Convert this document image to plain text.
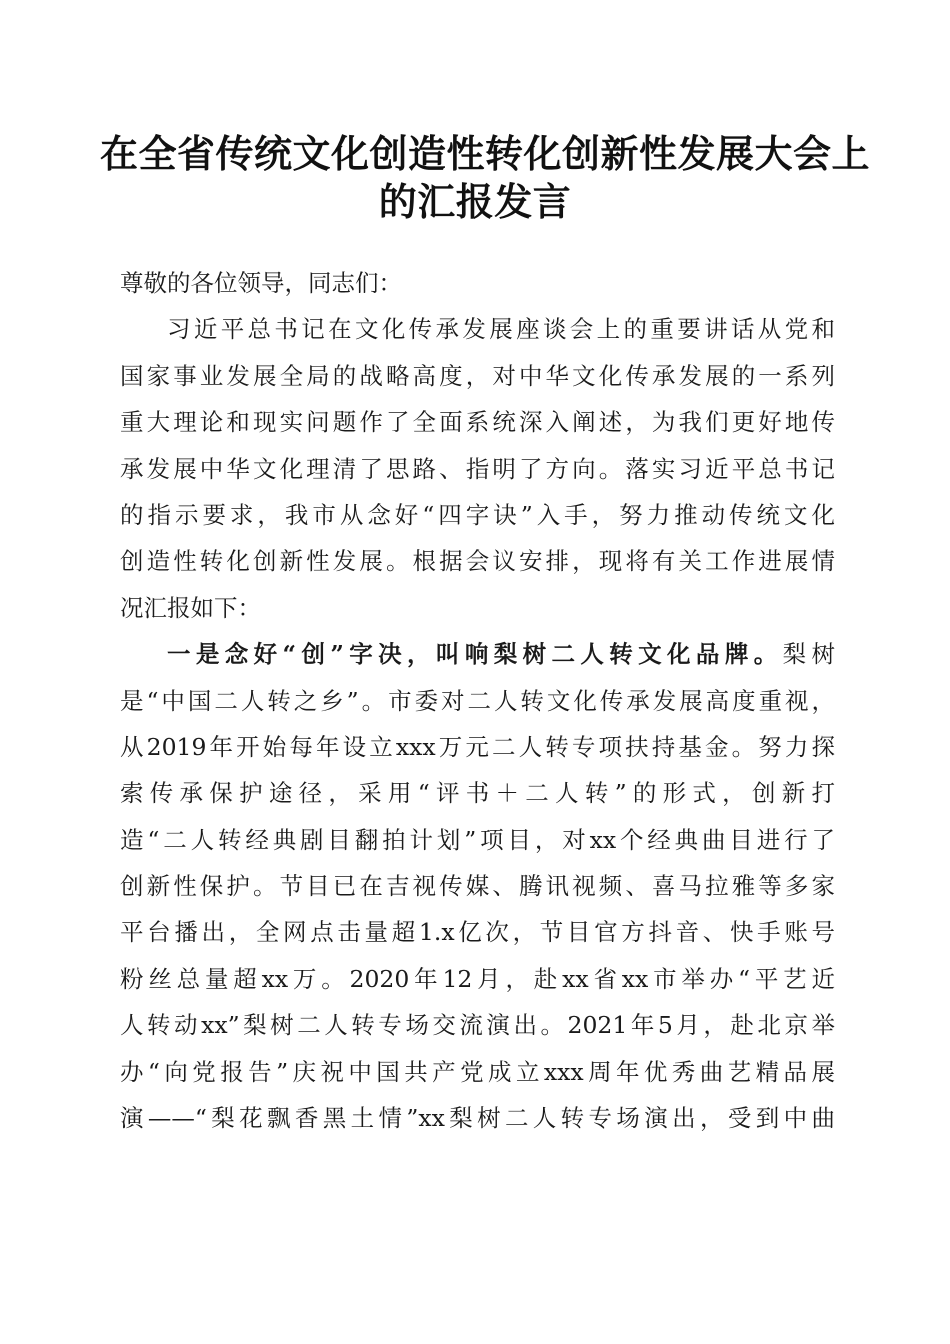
在全省传统文化创造性转化创新性发展大会上
的汇报发言
尊敬的各位领导，同志们：
习近平总书记在文化传承发展座谈会上的重要讲话从党和
国家事业发展全局的战略高度，对中华文化传承发展的一系列
重大理论和现实问题作了全面系统深入阐述，为我们更好地传
承发展中华文化理清了思路、指明了方向。落实习近平总书记
的指示要求，我市从念好“四字诀”入手，努力推动传统文化
创造性转化创新性发展。根据会议安排，现将有关工作进展情
况汇报如下：
一是念好“创”字决，叫响梨树二人转文化品牌。梨树
是“中国二人转之乡”。市委对二人转文化传承发展高度重视，
从2019年开始每年设立xxx万元二人转专项扶持基金。努力探
索传承保护途径，采用“评书＋二人转”的形式，创新打
造“二人转经典剧目翻拍计划”项目，对xx个经典曲目进行了
创新性保护。节目已在吉视传媒、腾讯视频、喜马拉雅等多家
平台播出，全网点击量超1.x亿次，节目官方抖音、快手账号
粉丝总量超xx万。2020年12月，赴xx省xx市举办“平艺近
人转动xx”梨树二人转专场交流演出。2021年5月，赴北京举
办“向党报告”庆祝中国共产党成立xxx周年优秀曲艺精品展
演——“梨花飘香黑土情”xx梨树二人转专场演出，受到中曲
